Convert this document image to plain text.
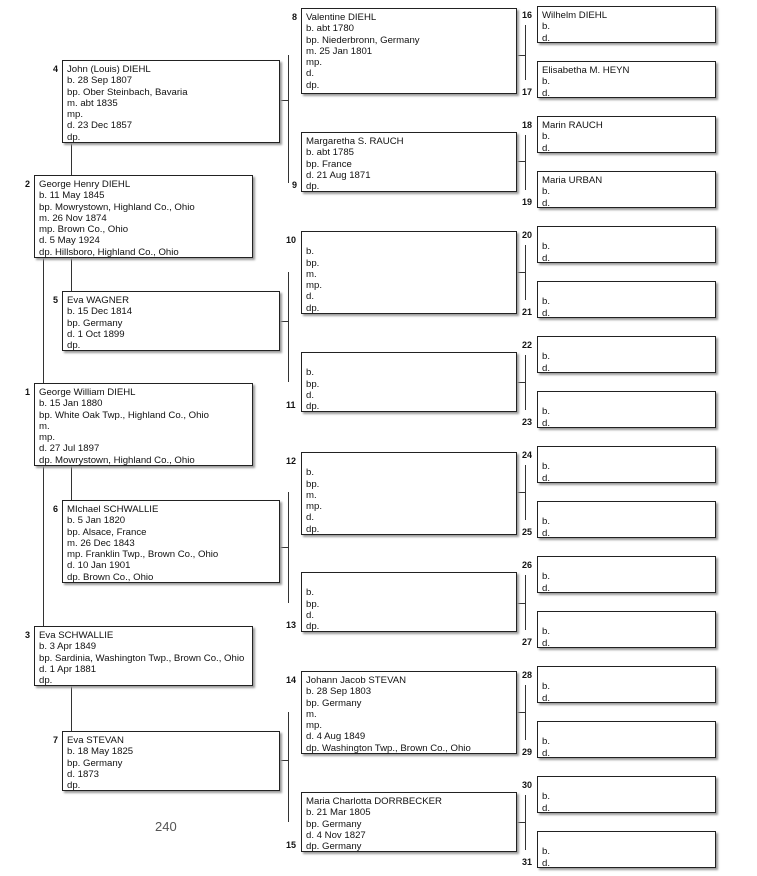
240
George William DIEHL
b. 15 Jan 1880
bp. White Oak Twp., Highland Co., Ohio
m.
mp.
d. 27 Jul 1897
dp. Mowrystown, Highland Co., Ohio
1
George Henry DIEHL
b. 11 May 1845
bp. Mowrystown, Highland Co., Ohio
m. 26 Nov 1874
mp. Brown Co., Ohio
d. 5 May 1924
dp. Hillsboro, Highland Co., Ohio
2
Eva SCHWALLIE
b. 3 Apr 1849
bp. Sardinia, Washington Twp., Brown Co., Ohio
d. 1 Apr 1881
dp.
3
John (Louis) DIEHL
b. 28 Sep 1807
bp. Ober Steinbach, Bavaria
m. abt 1835
mp.
d. 23 Dec 1857
dp.
4
Eva WAGNER
b. 15 Dec 1814
bp. Germany
d. 1 Oct 1899
dp.
5
MIchael SCHWALLIE
b. 5 Jan 1820
bp. Alsace, France
m. 26 Dec 1843
mp. Franklin Twp., Brown Co., Ohio
d. 10 Jan 1901
dp. Brown Co., Ohio
6
Eva STEVAN
b. 18 May 1825
bp. Germany
d. 1873
dp.
7
Valentine DIEHL
b. abt 1780
bp. Niederbronn, Germany
m. 25 Jan 1801
mp.
d.
dp.
8
Margaretha S. RAUCH
b. abt 1785
bp. France
d. 21 Aug 1871
dp.
9
b.
bp.
m.
mp.
d.
dp.
10
b.
bp.
d.
dp.
11
b.
bp.
m.
mp.
d.
dp.
12
b.
bp.
d.
dp.
13
Johann Jacob STEVAN
b. 28 Sep 1803
bp. Germany
m.
mp.
d. 4 Aug 1849
dp. Washington Twp., Brown Co., Ohio
14
Maria Charlotta DORRBECKER
b. 21 Mar 1805
bp. Germany
d. 4 Nov 1827
dp. Germany
15
Wilhelm DIEHL
b.
d.
16
Elisabetha M. HEYN
b.
d.
17
Marin RAUCH
b.
d.
18
Maria URBAN
b.
d.
19
b.
d.
20
b.
d.
21
b.
d.
22
b.
d.
23
b.
d.
24
b.
d.
25
b.
d.
26
b.
d.
27
b.
d.
28
b.
d.
29
b.
d.
30
b.
d.
31
